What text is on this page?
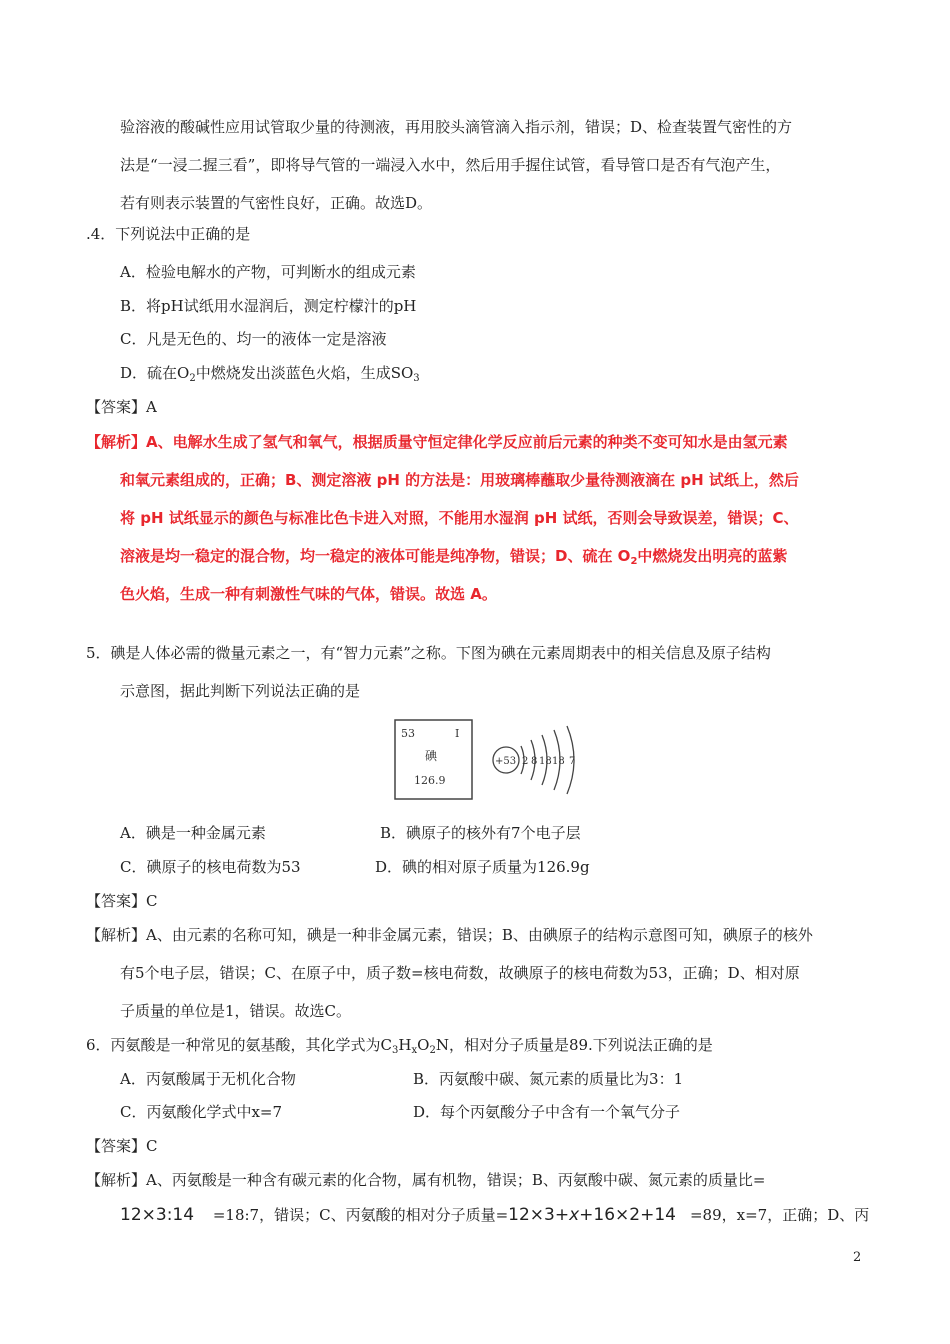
验溶液的酸碱性应用试管取少量的待测液，再用胶头滴管滴入指示剂，错误；D、检查装置气密性的方
法是“一浸二握三看”，即将导气管的一端浸入水中，然后用手握住试管，看导管口是否有气泡产生，
若有则表示装置的气密性良好，正确。故选D。
.4．下列说法中正确的是
A．检验电解水的产物，可判断水的组成元素
B．将pH试纸用水湿润后，测定柠檬汁的pH
C．凡是无色的、均一的液体一定是溶液
D．硫在$O_2$中燃烧发出淡蓝色火焰，生成$SO_3$
【答案】A
【解析】A、电解水生成了氢气和氧气，根据质量守恒定律化学反应前后元素的种类不变可知水是由氢元素
和氧元素组成的，正确；B、测定溶液 pH 的方法是：用玻璃棒蘸取少量待测液滴在 pH 试纸上，然后
将 pH 试纸显示的颜色与标准比色卡进入对照，不能用水湿润 pH 试纸，否则会导致误差，错误；C、
溶液是均一稳定的混合物，均一稳定的液体可能是纯净物，错误；D、硫在 $O_2$中燃烧发出明亮的蓝紫
色火焰，生成一种有刺激性气味的气体，错误。故选 A。
5．碘是人体必需的微量元素之一，有“智力元素”之称。下图为碘在元素周期表中的相关信息及原子结构
示意图，据此判断下列说法正确的是
53	I
碘
126.9
+53 2 8 18 18 7
A．碘是一种金属元素	B．碘原子的核外有7个电子层
C．碘原子的核电荷数为53	D．碘的相对原子质量为126.9g
【答案】C
【解析】A、由元素的名称可知，碘是一种非金属元素，错误；B、由碘原子的结构示意图可知，碘原子的核外
有5个电子层，错误；C、在原子中，质子数=核电荷数，故碘原子的核电荷数为53，正确；D、相对原
子质量的单位是1，错误。故选C。
6．丙氨酸是一种常见的氨基酸，其化学式为$C_3H_xO_2N$，相对分子质量是89.下列说法正确的是
A．丙氨酸属于无机化合物	B．丙氨酸中碳、氮元素的质量比为3：1
C．丙氨酸化学式中x=7	D．每个丙氨酸分子中含有一个氧气分子
【答案】C
【解析】A、丙氨酸是一种含有碳元素的化合物，属有机物，错误；B、丙氨酸中碳、氮元素的质量比=
12×3:14 =18:7，错误；C、丙氨酸的相对分子质量=12×3+x+16×2+14 =89，x=7，正确；D、丙
2
